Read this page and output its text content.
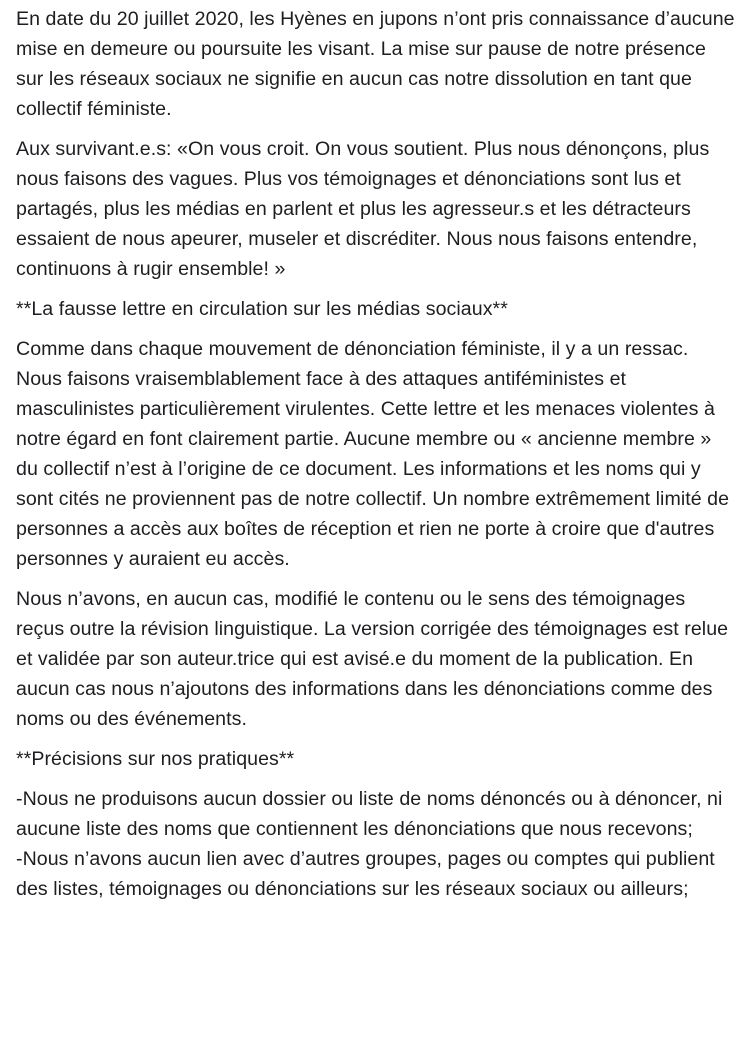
En date du 20 juillet 2020, les Hyènes en jupons n’ont pris connaissance d’aucune mise en demeure ou poursuite les visant. La mise sur pause de notre présence sur les réseaux sociaux ne signifie en aucun cas notre dissolution en tant que collectif féministe.

Aux survivant.e.s: «On vous croit. On vous soutient. Plus nous dénonçons, plus nous faisons des vagues. Plus vos témoignages et dénonciations sont lus et partagés, plus les médias en parlent et plus les agresseur.s et les détracteurs essaient de nous apeurer, museler et discréditer. Nous nous faisons entendre, continuons à rugir ensemble! »

**La fausse lettre en circulation sur les médias sociaux**

Comme dans chaque mouvement de dénonciation féministe, il y a un ressac. Nous faisons vraisemblablement face à des attaques antiféministes et masculinistes particulièrement virulentes. Cette lettre et les menaces violentes à notre égard en font clairement partie. Aucune membre ou « ancienne membre » du collectif n’est à l’origine de ce document. Les informations et les noms qui y sont cités ne proviennent pas de notre collectif. Un nombre extrêmement limité de personnes a accès aux boîtes de réception et rien ne porte à croire que d'autres personnes y auraient eu accès.

Nous n’avons, en aucun cas, modifié le contenu ou le sens des témoignages reçus outre la révision linguistique. La version corrigée des témoignages est relue et validée par son auteur.trice qui est avisé.e du moment de la publication. En aucun cas nous n’ajoutons des informations dans les dénonciations comme des noms ou des événements.

**Précisions sur nos pratiques**

-Nous ne produisons aucun dossier ou liste de noms dénoncés ou à dénoncer, ni aucune liste des noms que contiennent les dénonciations que nous recevons;
-Nous n’avons aucun lien avec d’autres groupes, pages ou comptes qui publient des listes, témoignages ou dénonciations sur les réseaux sociaux ou ailleurs;
